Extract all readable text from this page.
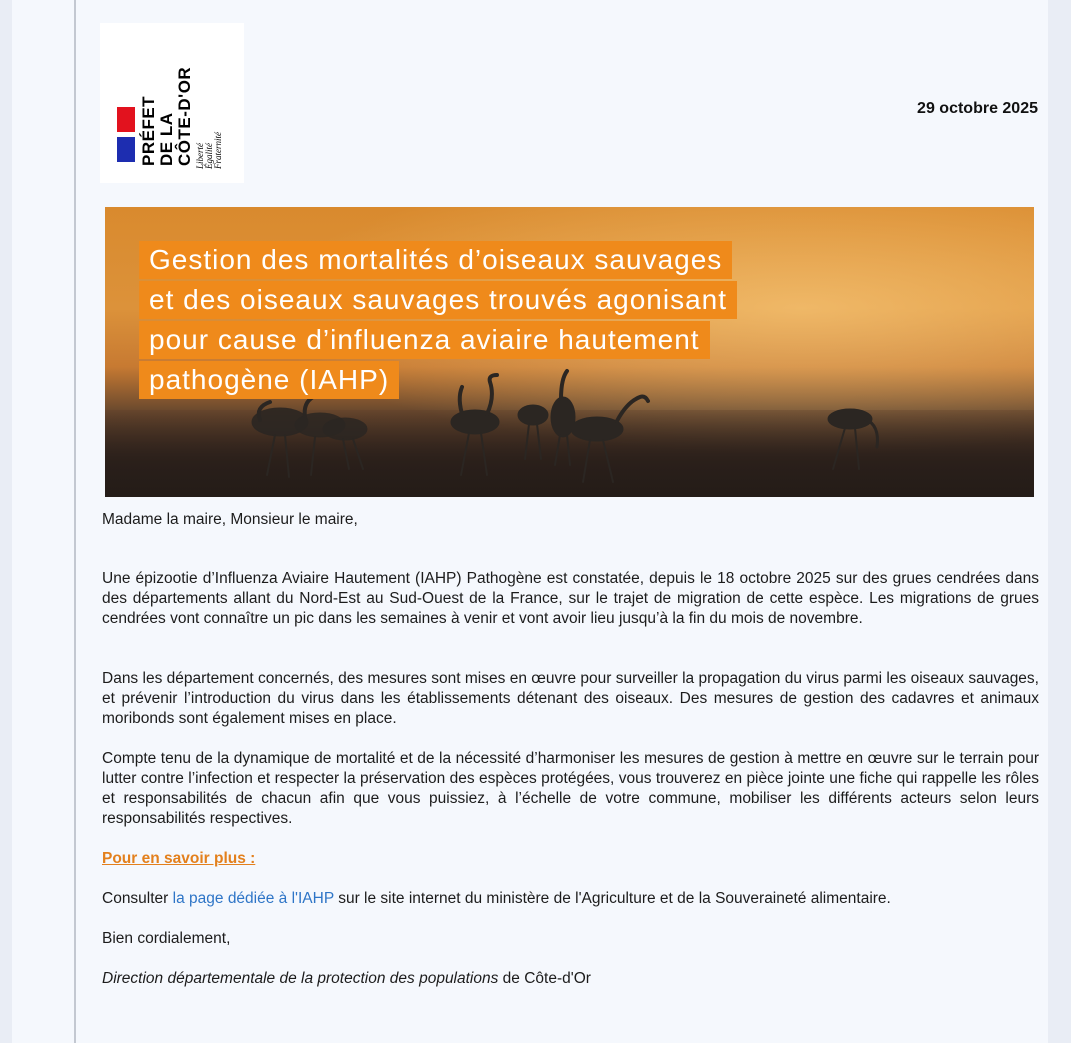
PRÉFET
DE LA
CÔTE-D'OR Liberté
Égalité
Fraternité
29 octobre 2025
Gestion des mortalités d’oiseaux sauvages
et des oiseaux sauvages trouvés agonisant
pour cause d’influenza aviaire hautement
pathogène (IAHP)
Madame la maire, Monsieur le maire,
Une épizootie d’Influenza Aviaire Hautement (IAHP) Pathogène est constatée, depuis le 18 octobre 2025 sur des grues cendrées dans des départements allant du Nord-Est au Sud-Ouest de la France, sur le trajet de migration de cette espèce. Les migrations de grues cendrées vont connaître un pic dans les semaines à venir et vont avoir lieu jusqu’à la fin du mois de novembre.
Dans les département concernés, des mesures sont mises en œuvre pour surveiller la propagation du virus parmi les oiseaux sauvages, et prévenir l’introduction du virus dans les établissements détenant des oiseaux. Des mesures de gestion des cadavres et animaux moribonds sont également mises en place.
Compte tenu de la dynamique de mortalité et de la nécessité d’harmoniser les mesures de gestion à mettre en œuvre sur le terrain pour lutter contre l’infection et respecter la préservation des espèces protégées, vous trouverez en pièce jointe une fiche qui rappelle les rôles et responsabilités de chacun afin que vous puissiez, à l’échelle de votre commune, mobiliser les différents acteurs selon leurs responsabilités respectives.
Pour en savoir plus :
Consulter la page dédiée à l'IAHP sur le site internet du ministère de l'Agriculture et de la Souveraineté alimentaire.
Bien cordialement,
Direction départementale de la protection des populations de Côte-d'Or
